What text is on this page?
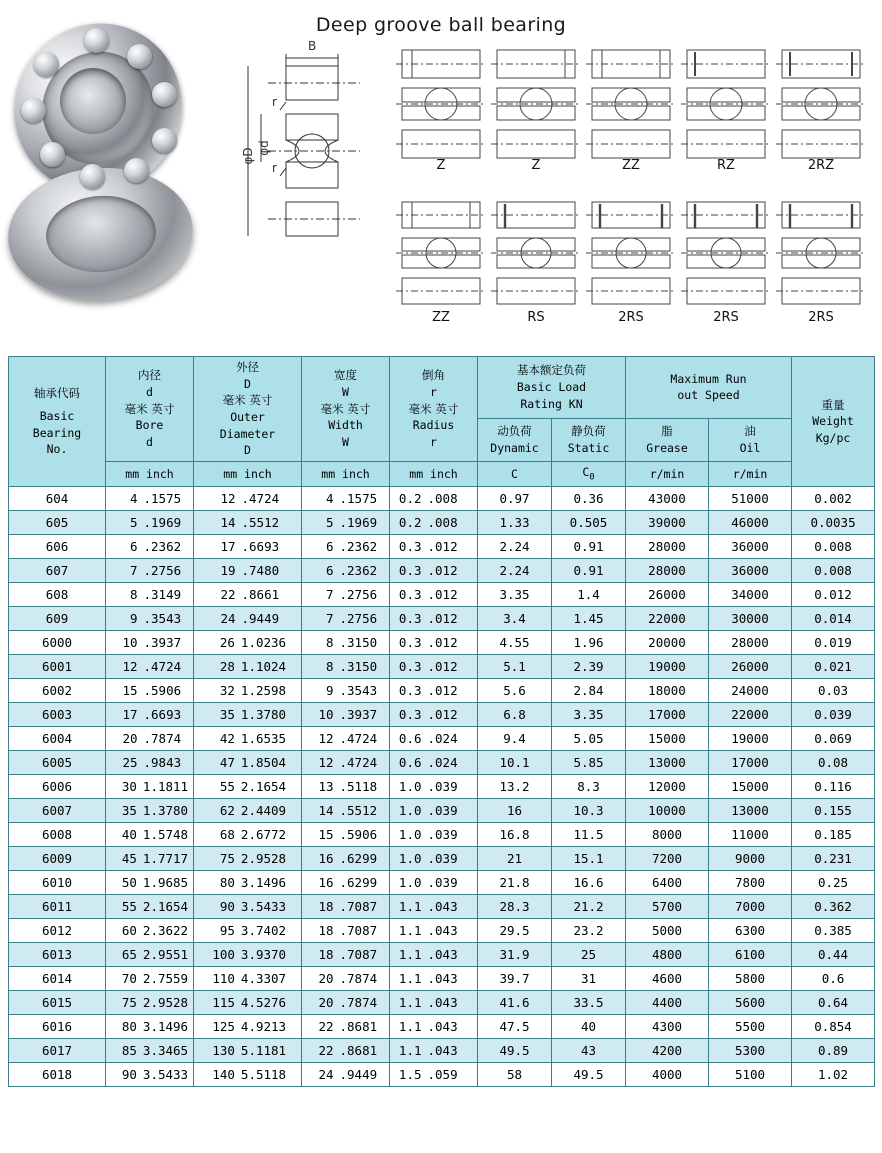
Deep groove ball bearing
B
r
r
φD φd
Z	Z	ZZ	RZ	2RZ
ZZ	RS	2RS	2RS	2RS
轴承代码
Basic
Bearing
No.

内径
d
毫米 英寸
Bore
d

外径
D
毫米 英寸
Outer
Diameter
D

宽度
W
毫米 英寸
Width
W

倒角
r
毫米 英寸
Radius
r

基本额定负荷
Basic Load
Rating KN

Maximum Run
out Speed

重量
Weight
Kg/pc

动负荷
Dynamic

静负荷
Static

脂
Grease

油
Oil

	mm inch	mm inch	mm inch	mm inch	C	$C_0$	r/min	r/min	
604	4 .1575	12 .4724	4 .1575	0.2 .008	0.97	0.36	43000	51000	0.002
605	5 .1969	14 .5512	5 .1969	0.2 .008	1.33	0.505	39000	46000	0.0035
606	6 .2362	17 .6693	6 .2362	0.3 .012	2.24	0.91	28000	36000	0.008
607	7 .2756	19 .7480	6 .2362	0.3 .012	2.24	0.91	28000	36000	0.008
608	8 .3149	22 .8661	7 .2756	0.3 .012	3.35	1.4	26000	34000	0.012
609	9 .3543	24 .9449	7 .2756	0.3 .012	3.4	1.45	22000	30000	0.014
6000	10 .3937	26 1.0236	8 .3150	0.3 .012	4.55	1.96	20000	28000	0.019
6001	12 .4724	28 1.1024	8 .3150	0.3 .012	5.1	2.39	19000	26000	0.021
6002	15 .5906	32 1.2598	9 .3543	0.3 .012	5.6	2.84	18000	24000	0.03
6003	17 .6693	35 1.3780	10 .3937	0.3 .012	6.8	3.35	17000	22000	0.039
6004	20 .7874	42 1.6535	12 .4724	0.6 .024	9.4	5.05	15000	19000	0.069
6005	25 .9843	47 1.8504	12 .4724	0.6 .024	10.1	5.85	13000	17000	0.08
6006	30 1.1811	55 2.1654	13 .5118	1.0 .039	13.2	8.3	12000	15000	0.116
6007	35 1.3780	62 2.4409	14 .5512	1.0 .039	16	10.3	10000	13000	0.155
6008	40 1.5748	68 2.6772	15 .5906	1.0 .039	16.8	11.5	8000	11000	0.185
6009	45 1.7717	75 2.9528	16 .6299	1.0 .039	21	15.1	7200	9000	0.231
6010	50 1.9685	80 3.1496	16 .6299	1.0 .039	21.8	16.6	6400	7800	0.25
6011	55 2.1654	90 3.5433	18 .7087	1.1 .043	28.3	21.2	5700	7000	0.362
6012	60 2.3622	95 3.7402	18 .7087	1.1 .043	29.5	23.2	5000	6300	0.385
6013	65 2.9551	100 3.9370	18 .7087	1.1 .043	31.9	25	4800	6100	0.44
6014	70 2.7559	110 4.3307	20 .7874	1.1 .043	39.7	31	4600	5800	0.6
6015	75 2.9528	115 4.5276	20 .7874	1.1 .043	41.6	33.5	4400	5600	0.64
6016	80 3.1496	125 4.9213	22 .8681	1.1 .043	47.5	40	4300	5500	0.854
6017	85 3.3465	130 5.1181	22 .8681	1.1 .043	49.5	43	4200	5300	0.89
6018	90 3.5433	140 5.5118	24 .9449	1.5 .059	58	49.5	4000	5100	1.02
